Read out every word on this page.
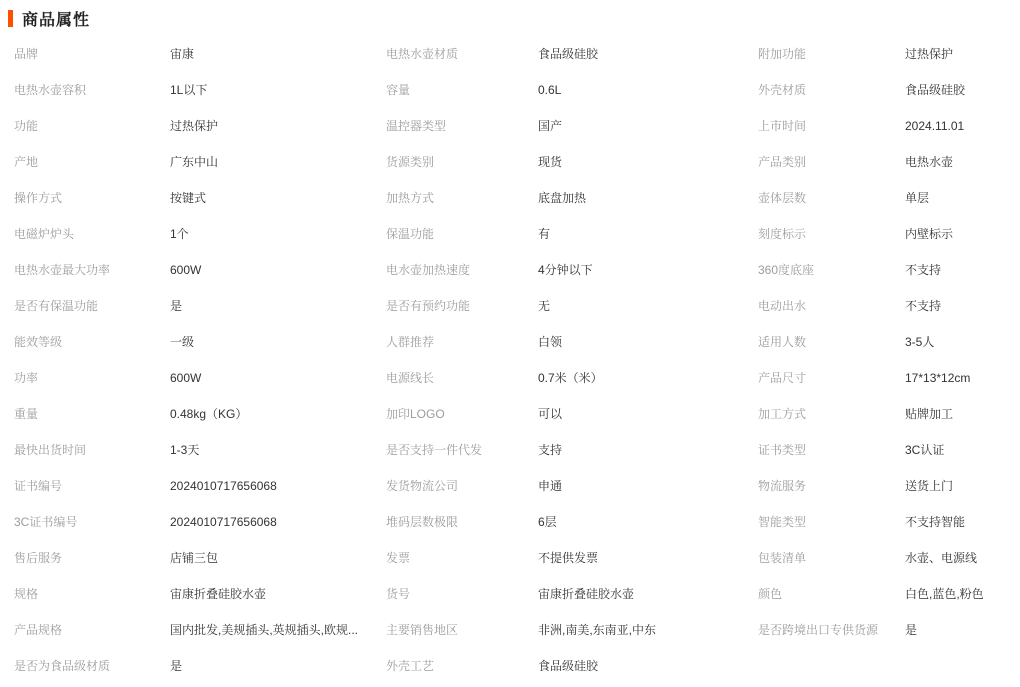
商品属性
品牌	宙康	电热水壶材质	食品级硅胶	附加功能	过热保护
电热水壶容积	1L以下	容量	0.6L	外壳材质	食品级硅胶
功能	过热保护	温控器类型	国产	上市时间	2024.11.01
产地	广东中山	货源类别	现货	产品类别	电热水壶
操作方式	按键式	加热方式	底盘加热	壶体层数	单层
电磁炉炉头	1个	保温功能	有	刻度标示	内壁标示
电热水壶最大功率	600W	电水壶加热速度	4分钟以下	360度底座	不支持
是否有保温功能	是	是否有预约功能	无	电动出水	不支持
能效等级	一级	人群推荐	白领	适用人数	3-5人
功率	600W	电源线长	0.7米（米）	产品尺寸	17*13*12cm
重量	0.48kg（KG）	加印LOGO	可以	加工方式	贴牌加工
最快出货时间	1-3天	是否支持一件代发	支持	证书类型	3C认证
证书编号	2024010717656068	发货物流公司	申通	物流服务	送货上门
3C证书编号	2024010717656068	堆码层数极限	6层	智能类型	不支持智能
售后服务	店铺三包	发票	不提供发票	包装清单	水壶、电源线
规格	宙康折叠硅胶水壶	货号	宙康折叠硅胶水壶	颜色	白色,蓝色,粉色
产品规格	国内批发,美规插头,英规插头,欧规...	主要销售地区	非洲,南美,东南亚,中东	是否跨境出口专供货源	是
是否为食品级材质	是	外壳工艺	食品级硅胶
